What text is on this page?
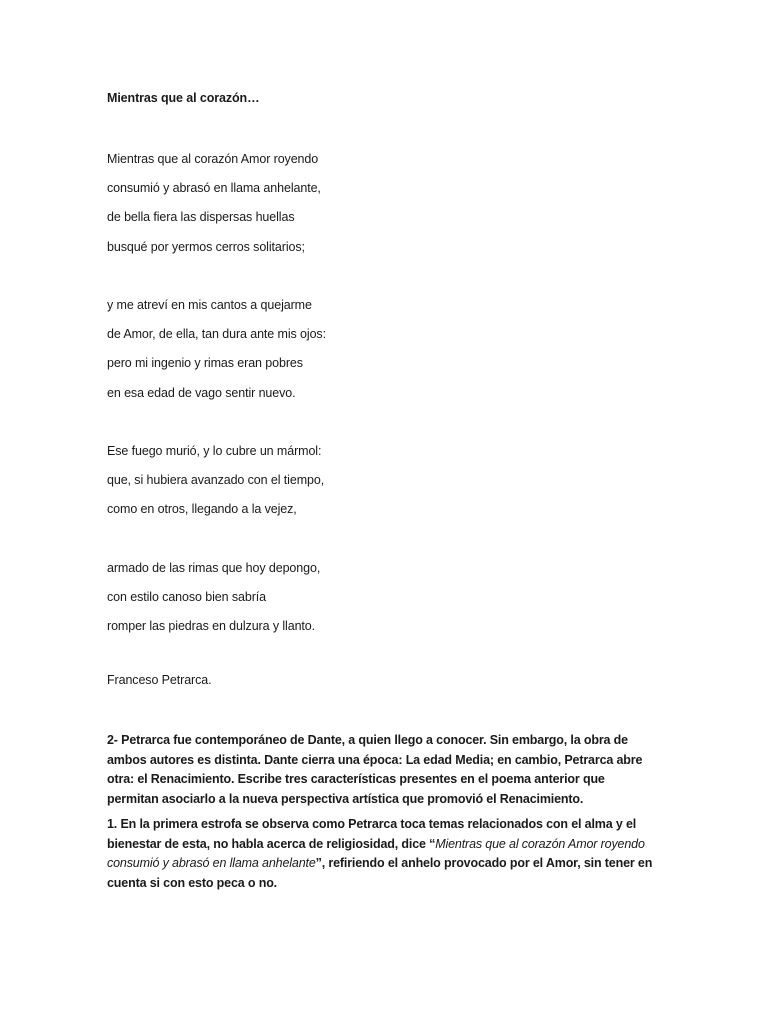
Mientras que al corazón…

Mientras que al corazón Amor royendo
consumió y abrasó en llama anhelante,
de bella fiera las dispersas huellas
busqué por yermos cerros solitarios;
y me atreví en mis cantos a quejarme
de Amor, de ella, tan dura ante mis ojos:
pero mi ingenio y rimas eran pobres
en esa edad de vago sentir nuevo.
Ese fuego murió, y lo cubre un mármol:
que, si hubiera avanzado con el tiempo,
como en otros, llegando a la vejez,
armado de las rimas que hoy depongo,
con estilo canoso bien sabría
romper las piedras en dulzura y llanto.

Franceso Petrarca.

2- Petrarca fue contemporáneo de Dante, a quien llego a conocer. Sin embargo, la obra de ambos autores es distinta. Dante cierra una época: La edad Media; en cambio, Petrarca abre otra: el Renacimiento. Escribe tres características presentes en el poema anterior que permitan asociarlo a la nueva perspectiva artística que promovió el Renacimiento.

1. En la primera estrofa se observa como Petrarca toca temas relacionados con el alma y el bienestar de esta, no habla acerca de religiosidad, dice “Mientras que al corazón Amor royendo consumió y abrasó en llama anhelante”, refiriendo el anhelo provocado por el Amor, sin tener en cuenta si con esto peca o no.
